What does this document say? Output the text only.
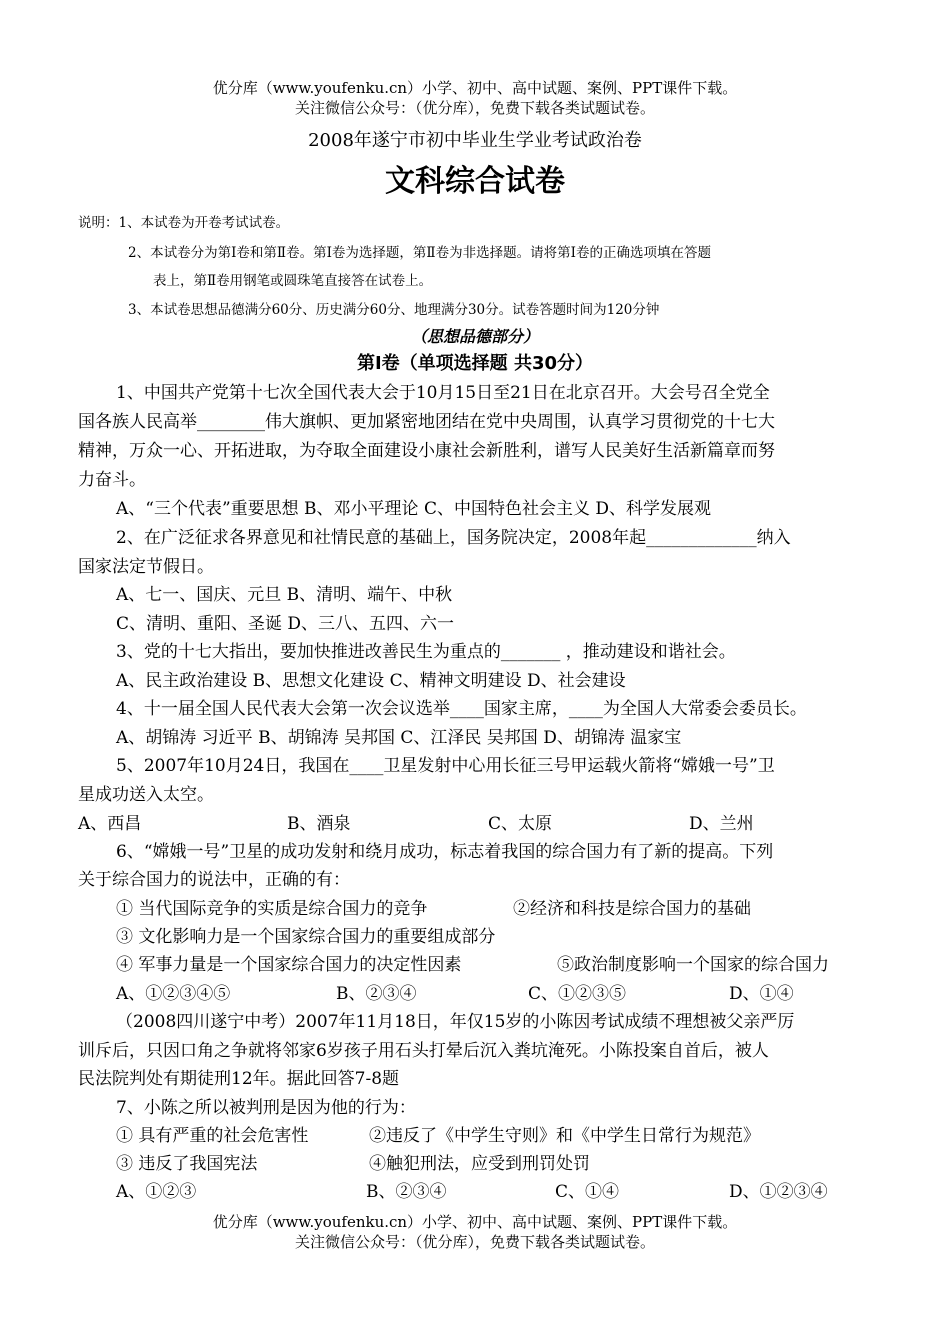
优分库（www.youfenku.cn）小学、初中、高中试题、案例、PPT课件下载。
关注微信公众号：（优分库），免费下载各类试题试卷。
2008年遂宁市初中毕业生学业考试政治卷
文科综合试卷
说明：1、本试卷为开卷考试试卷。
2、本试卷分为第Ⅰ卷和第Ⅱ卷。第Ⅰ卷为选择题，第Ⅱ卷为非选择题。请将第Ⅰ卷的正确选项填在答题
表上，第Ⅱ卷用钢笔或圆珠笔直接答在试卷上。
3、本试卷思想品德满分60分、历史满分60分、地理满分30分。试卷答题时间为120分钟
（思想品德部分）
第Ⅰ卷（单项选择题 共30分）
1、中国共产党第十七次全国代表大会于10月15日至21日在北京召开。大会号召全党全
国各族人民高举________伟大旗帜、更加紧密地团结在党中央周围，认真学习贯彻党的十七大
精神，万众一心、开拓进取，为夺取全面建设小康社会新胜利，谱写人民美好生活新篇章而努
力奋斗。
A、“三个代表”重要思想 B、邓小平理论 C、中国特色社会主义 D、科学发展观
2、在广泛征求各界意见和社情民意的基础上，国务院决定，2008年起_____________纳入
国家法定节假日。
A、七一、国庆、元旦 B、清明、端午、中秋
C、清明、重阳、圣诞 D、三八、五四、六一
3、党的十七大指出，要加快推进改善民生为重点的_______ ，推动建设和谐社会。
A、民主政治建设 B、思想文化建设 C、精神文明建设 D、社会建设
4、十一届全国人民代表大会第一次会议选举____国家主席，____为全国人大常委会委员长。
A、胡锦涛 习近平 B、胡锦涛 吴邦国 C、江泽民 吴邦国 D、胡锦涛 温家宝
5、2007年10月24日，我国在____卫星发射中心用长征三号甲运载火箭将“嫦娥一号”卫
星成功送入太空。
A、西昌	B、酒泉	C、太原	D、兰州
6、“嫦娥一号”卫星的成功发射和绕月成功，标志着我国的综合国力有了新的提高。下列
关于综合国力的说法中，正确的有：
① 当代国际竞争的实质是综合国力的竞争	②经济和科技是综合国力的基础
③ 文化影响力是一个国家综合国力的重要组成部分
④ 军事力量是一个国家综合国力的决定性因素	⑤政治制度影响一个国家的综合国力
A、①②③④⑤	B、②③④	C、①②③⑤	D、①④
（2008四川遂宁中考）2007年11月18日，年仅15岁的小陈因考试成绩不理想被父亲严厉
训斥后，只因口角之争就将邻家6岁孩子用石头打晕后沉入粪坑淹死。小陈投案自首后，被人
民法院判处有期徒刑12年。据此回答7-8题
7、小陈之所以被判刑是因为他的行为：
① 具有严重的社会危害性	②违反了《中学生守则》和《中学生日常行为规范》
③ 违反了我国宪法	④触犯刑法，应受到刑罚处罚
A、①②③	B、②③④	C、①④	D、①②③④
优分库（www.youfenku.cn）小学、初中、高中试题、案例、PPT课件下载。
关注微信公众号：（优分库），免费下载各类试题试卷。
